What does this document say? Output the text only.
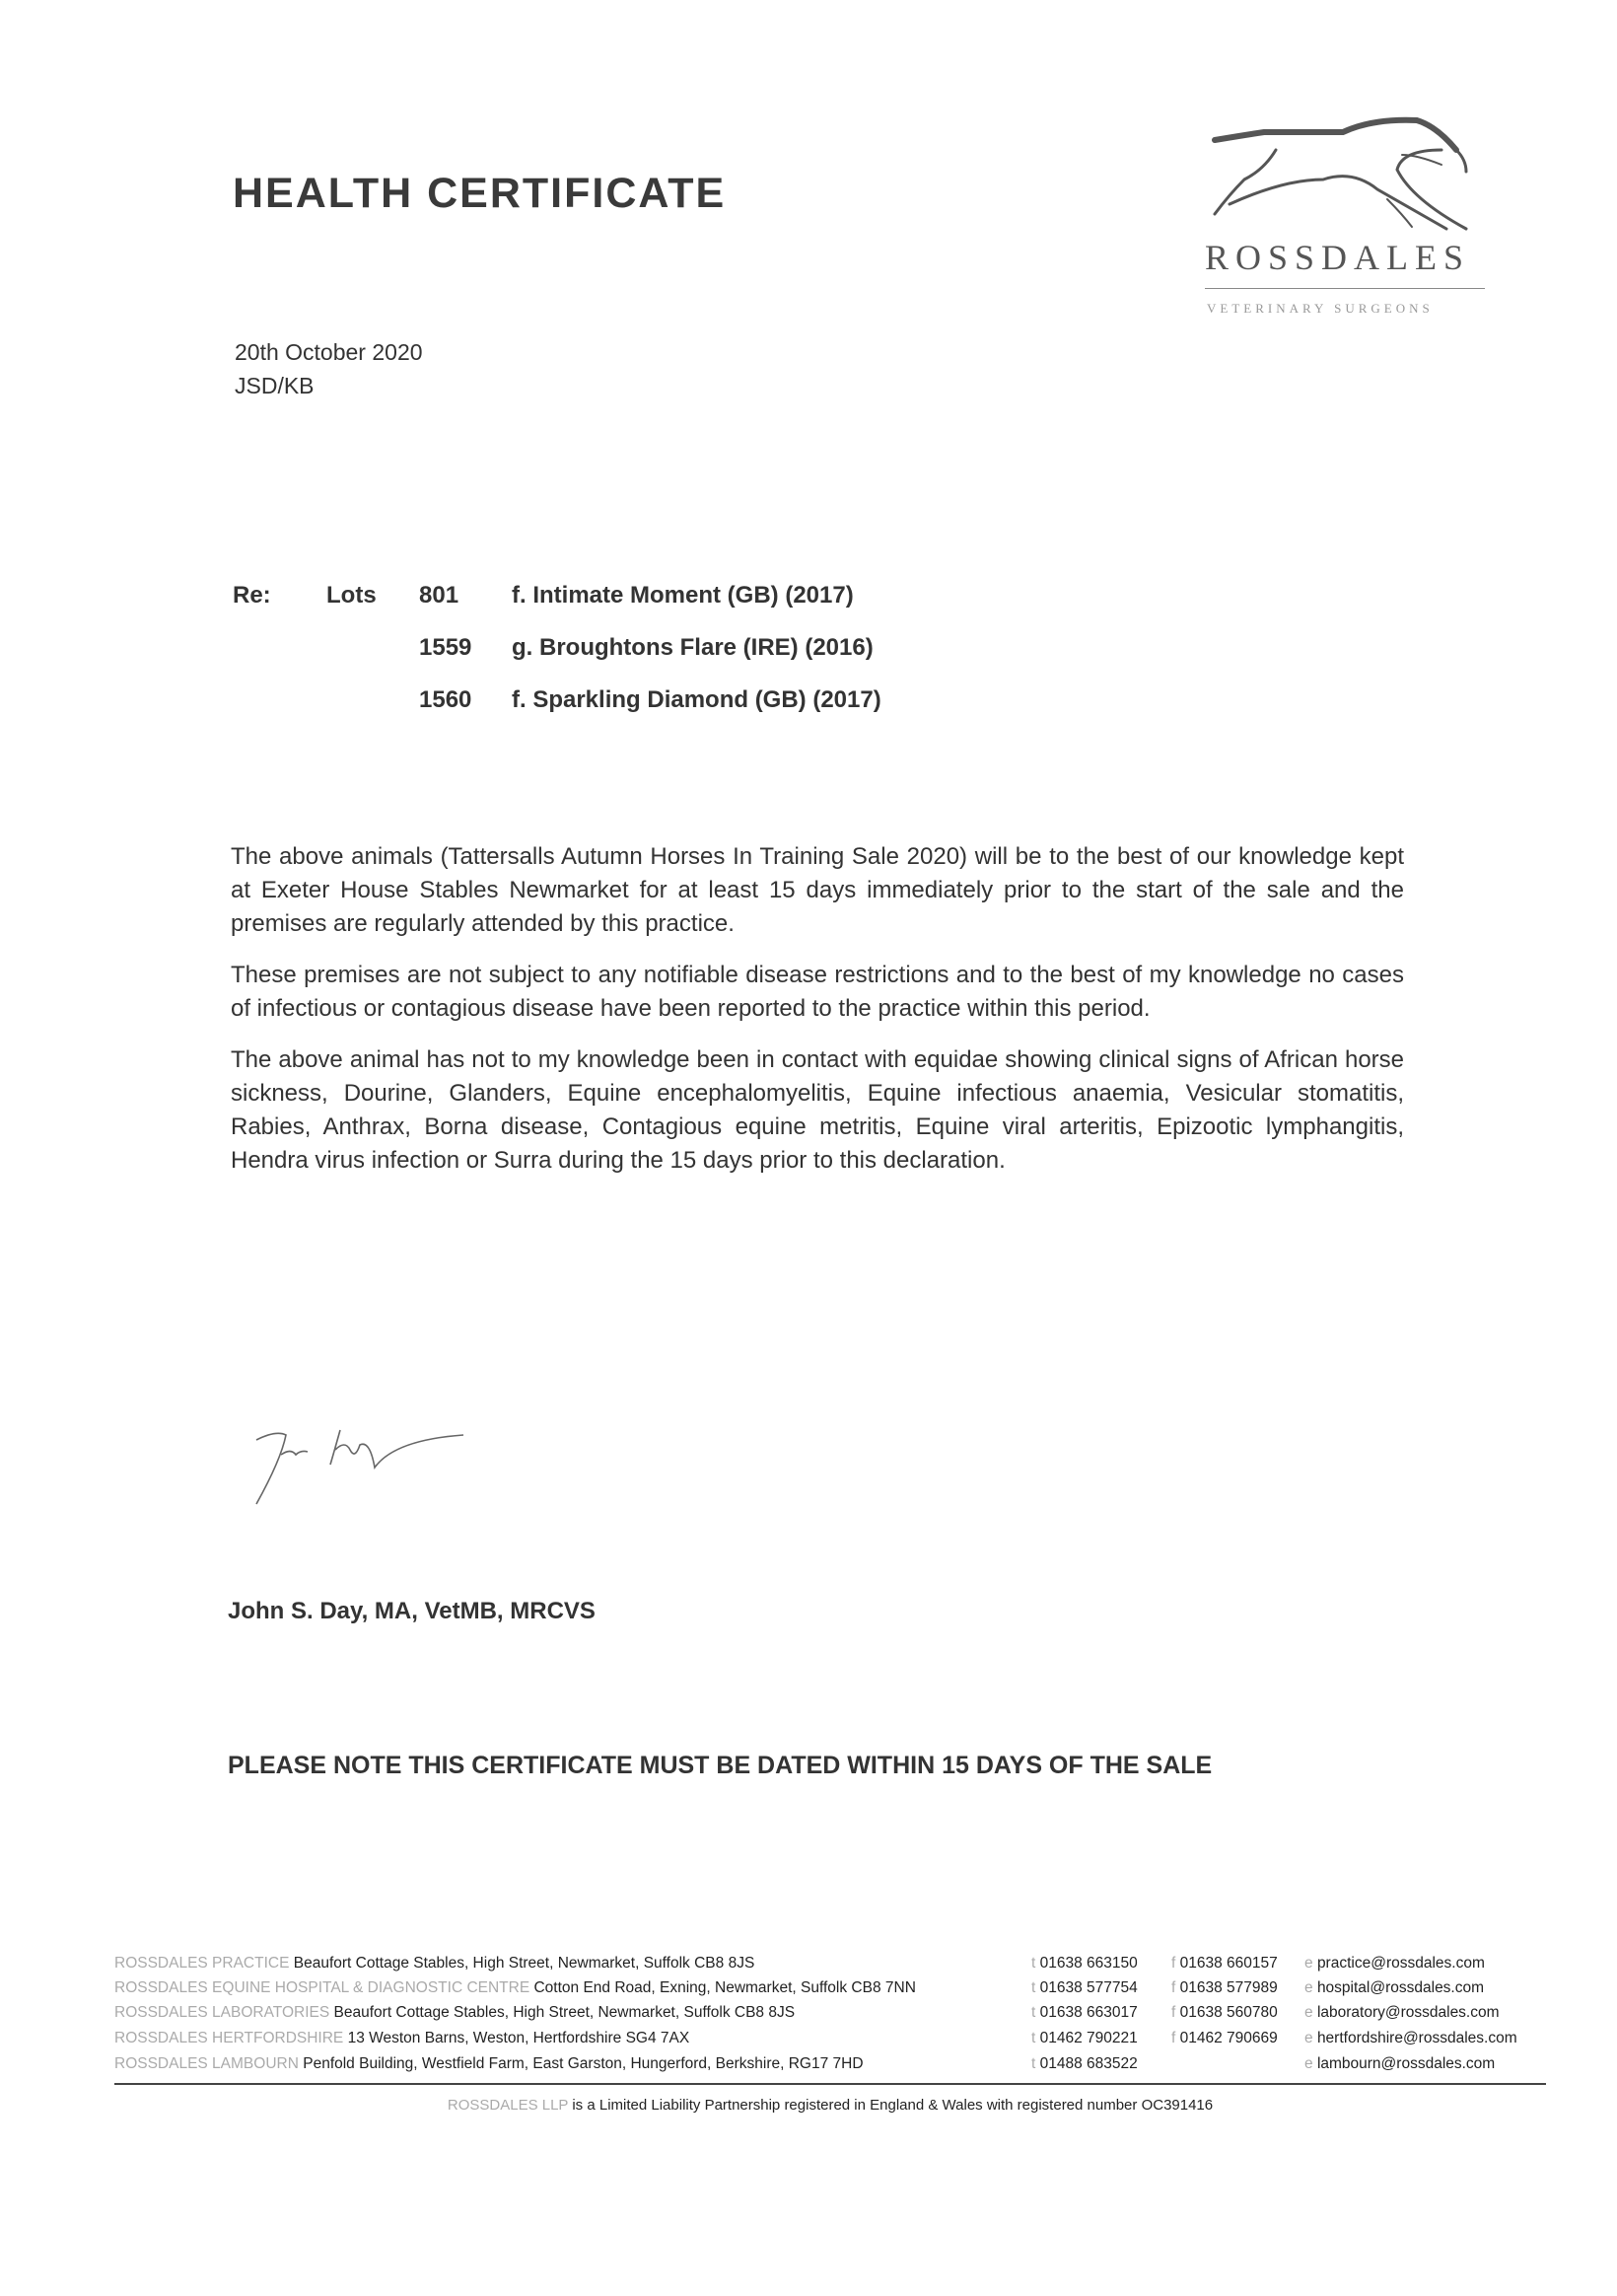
HEALTH CERTIFICATE
ROSSDALES
VETERINARY SURGEONS
20th October 2020
JSD/KB
Re: Lots 801 f. Intimate Moment (GB) (2017)
1559 g. Broughtons Flare (IRE) (2016)
1560 f. Sparkling Diamond (GB) (2017)

The above animals (Tattersalls Autumn Horses In Training Sale 2020) will be to the best of our knowledge kept at Exeter House Stables Newmarket for at least 15 days immediately prior to the start of the sale and the premises are regularly attended by this practice.

These premises are not subject to any notifiable disease restrictions and to the best of my knowledge no cases of infectious or contagious disease have been reported to the practice within this period.

The above animal has not to my knowledge been in contact with equidae showing clinical signs of African horse sickness, Dourine, Glanders, Equine encephalomyelitis, Equine infectious anaemia, Vesicular stomatitis, Rabies, Anthrax, Borna disease, Contagious equine metritis, Equine viral arteritis, Epizootic lymphangitis, Hendra virus infection or Surra during the 15 days prior to this declaration.

John S. Day, MA, VetMB, MRCVS
PLEASE NOTE THIS CERTIFICATE MUST BE DATED WITHIN 15 DAYS OF THE SALE
ROSSDALES PRACTICE Beaufort Cottage Stables, High Street, Newmarket, Suffolk CB8 8JS
ROSSDALES EQUINE HOSPITAL & DIAGNOSTIC CENTRE Cotton End Road, Exning, Newmarket, Suffolk CB8 7NN
ROSSDALES LABORATORIES Beaufort Cottage Stables, High Street, Newmarket, Suffolk CB8 8JS
ROSSDALES HERTFORDSHIRE 13 Weston Barns, Weston, Hertfordshire SG4 7AX
ROSSDALES LAMBOURN Penfold Building, Westfield Farm, East Garston, Hungerford, Berkshire, RG17 7HD
t 01638 663150
t 01638 577754
t 01638 663017
t 01462 790221
t 01488 683522
f 01638 660157
f 01638 577989
f 01638 560780
f 01462 790669
e practice@rossdales.com
e hospital@rossdales.com
e laboratory@rossdales.com
e hertfordshire@rossdales.com
e lambourn@rossdales.com
ROSSDALES LLP is a Limited Liability Partnership registered in England & Wales with registered number OC391416
